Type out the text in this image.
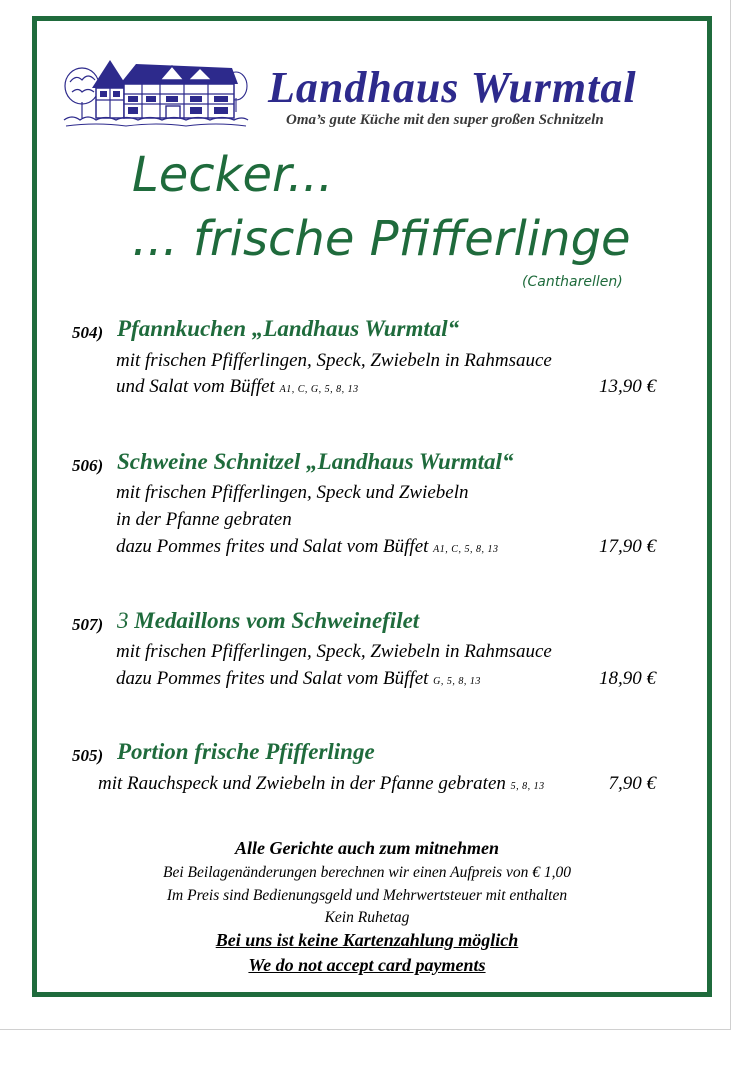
Landhaus Wurmtal
Oma’s gute Küche mit den super großen Schnitzeln
Lecker...
... frische Pfifferlinge
(Cantharellen)
504) Pfannkuchen „Landhaus Wurmtal“
mit frischen Pfifferlingen, Speck, Zwiebeln in Rahmsauce
und Salat vom Büffet A1, C, G, 5, 8, 13	13,90 €
506) Schweine Schnitzel „Landhaus Wurmtal“
mit frischen Pfifferlingen, Speck und Zwiebeln
in der Pfanne gebraten
dazu Pommes frites und Salat vom Büffet A1, C, 5, 8, 13	17,90 €
507) 3 Medaillons vom Schweinefilet
mit frischen Pfifferlingen, Speck, Zwiebeln in Rahmsauce
dazu Pommes frites und Salat vom Büffet G, 5, 8, 13	18,90 €
505) Portion frische Pfifferlinge
mit Rauchspeck und Zwiebeln in der Pfanne gebraten 5, 8, 13	7,90 €
Alle Gerichte auch zum mitnehmen
Bei Beilagenänderungen berechnen wir einen Aufpreis von € 1,00
Im Preis sind Bedienungsgeld und Mehrwertsteuer mit enthalten
Kein Ruhetag
Bei uns ist keine Kartenzahlung möglich
We do not accept card payments
